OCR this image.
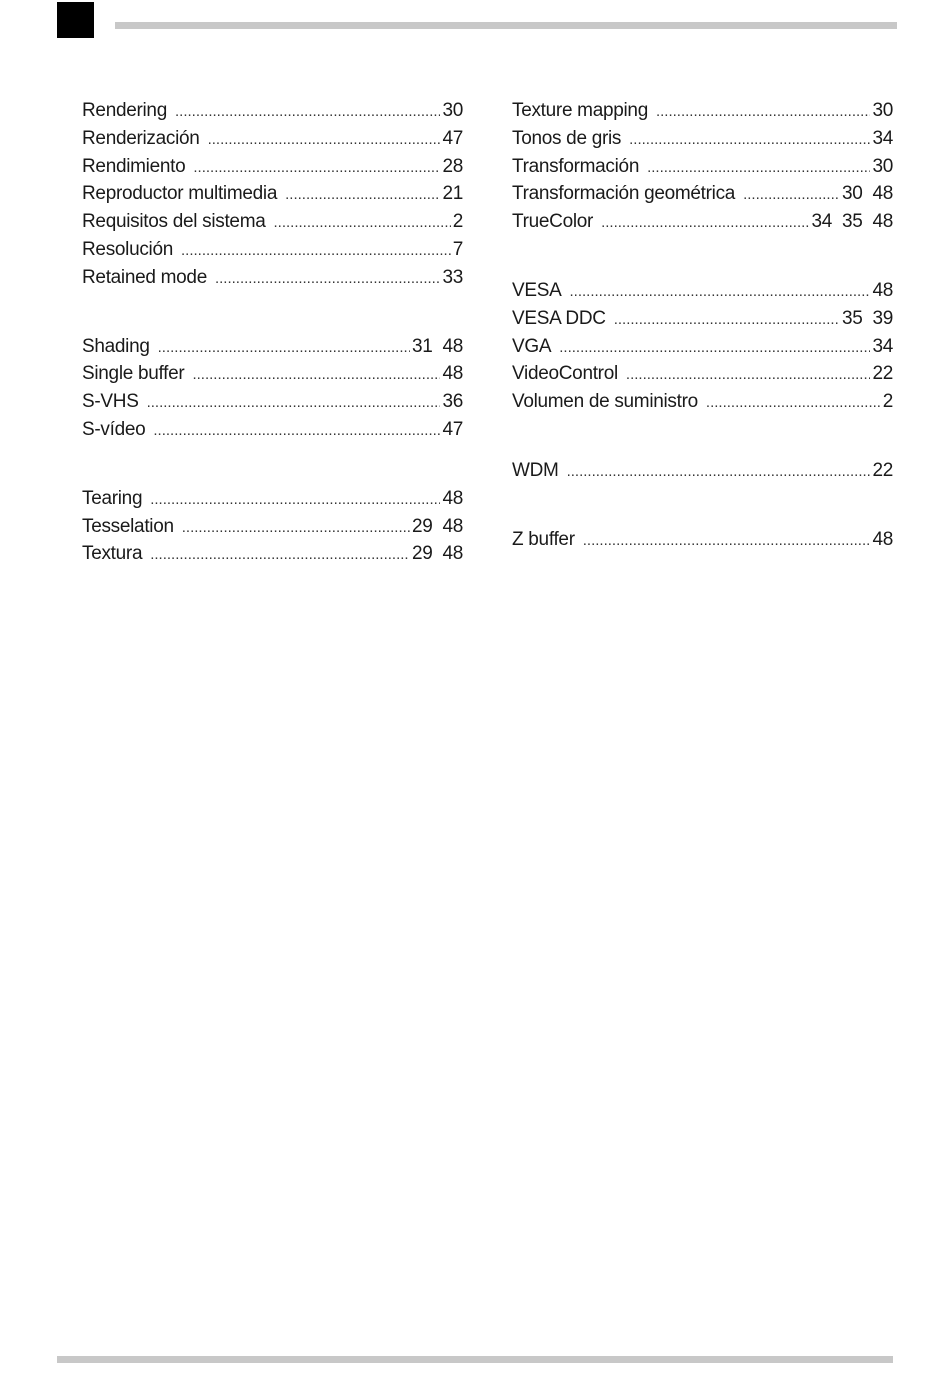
Rendering .....	30
Renderización .....	47
Rendimiento .....	28
Reproductor multimedia .....	21
Requisitos del sistema .....	2
Resolución .....	7
Retained mode .....	33
Shading .....	31  48
Single buffer .....	48
S-VHS .....	36
S-vídeo .....	47
Tearing .....	48
Tesselation .....	29  48
Textura .....	29  48
Texture mapping .....	30
Tonos de gris .....	34
Transformación .....	30
Transformación geométrica .....	30  48
TrueColor .....	34  35  48
VESA .....	48
VESA DDC .....	35  39
VGA .....	34
VideoControl .....	22
Volumen de suministro .....	2
WDM .....	22
Z buffer .....	48
